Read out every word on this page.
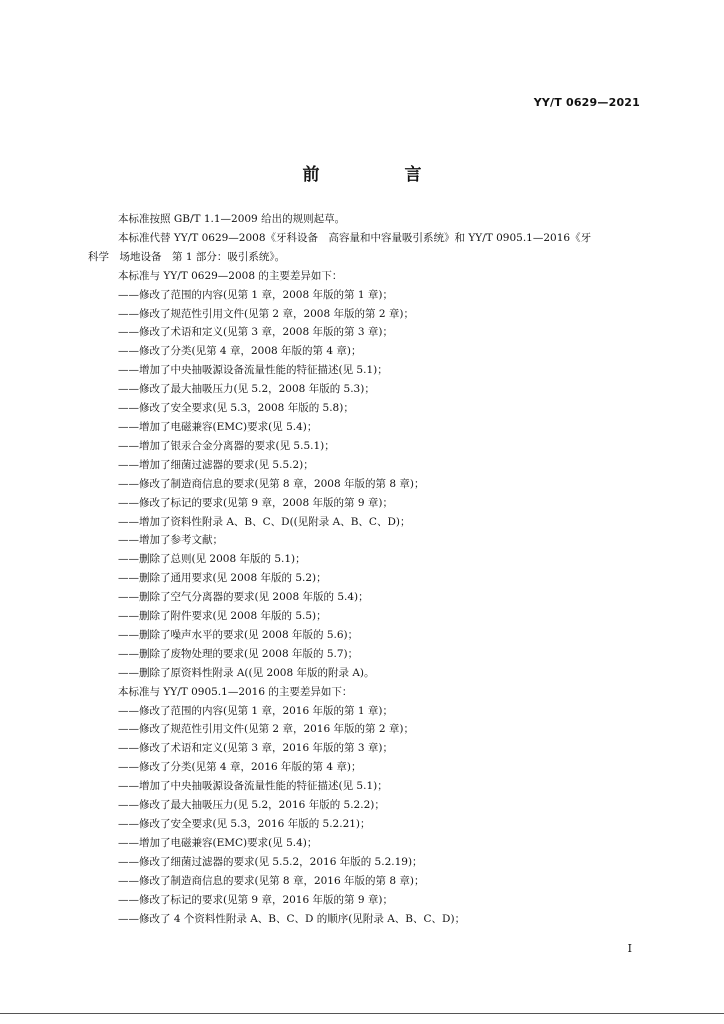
YY/T 0629—2021
前　言
本标准按照 GB/T 1.1—2009 给出的规则起草。
本标准代替 YY/T 0629—2008《牙科设备　高容量和中容量吸引系统》和 YY/T 0905.1—2016《牙
科学　场地设备　第 1 部分：吸引系统》。
本标准与 YY/T 0629—2008 的主要差异如下：
——修改了范围的内容(见第 1 章，2008 年版的第 1 章)；
——修改了规范性引用文件(见第 2 章，2008 年版的第 2 章)；
——修改了术语和定义(见第 3 章，2008 年版的第 3 章)；
——修改了分类(见第 4 章，2008 年版的第 4 章)；
——增加了中央抽吸源设备流量性能的特征描述(见 5.1)；
——修改了最大抽吸压力(见 5.2，2008 年版的 5.3)；
——修改了安全要求(见 5.3，2008 年版的 5.8)；
——增加了电磁兼容(EMC)要求(见 5.4)；
——增加了银汞合金分离器的要求(见 5.5.1)；
——增加了细菌过滤器的要求(见 5.5.2)；
——修改了制造商信息的要求(见第 8 章，2008 年版的第 8 章)；
——修改了标记的要求(见第 9 章，2008 年版的第 9 章)；
——增加了资料性附录 A、B、C、D((见附录 A、B、C、D)；
——增加了参考文献；
——删除了总则(见 2008 年版的 5.1)；
——删除了通用要求(见 2008 年版的 5.2)；
——删除了空气分离器的要求(见 2008 年版的 5.4)；
——删除了附件要求(见 2008 年版的 5.5)；
——删除了噪声水平的要求(见 2008 年版的 5.6)；
——删除了废物处理的要求(见 2008 年版的 5.7)；
——删除了原资料性附录 A((见 2008 年版的附录 A)。
本标准与 YY/T 0905.1—2016 的主要差异如下：
——修改了范围的内容(见第 1 章，2016 年版的第 1 章)；
——修改了规范性引用文件(见第 2 章，2016 年版的第 2 章)；
——修改了术语和定义(见第 3 章，2016 年版的第 3 章)；
——修改了分类(见第 4 章，2016 年版的第 4 章)；
——增加了中央抽吸源设备流量性能的特征描述(见 5.1)；
——修改了最大抽吸压力(见 5.2，2016 年版的 5.2.2)；
——修改了安全要求(见 5.3，2016 年版的 5.2.21)；
——增加了电磁兼容(EMC)要求(见 5.4)；
——修改了细菌过滤器的要求(见 5.5.2，2016 年版的 5.2.19)；
——修改了制造商信息的要求(见第 8 章，2016 年版的第 8 章)；
——修改了标记的要求(见第 9 章，2016 年版的第 9 章)；
——修改了 4 个资料性附录 A、B、C、D 的顺序(见附录 A、B、C、D)；
I
